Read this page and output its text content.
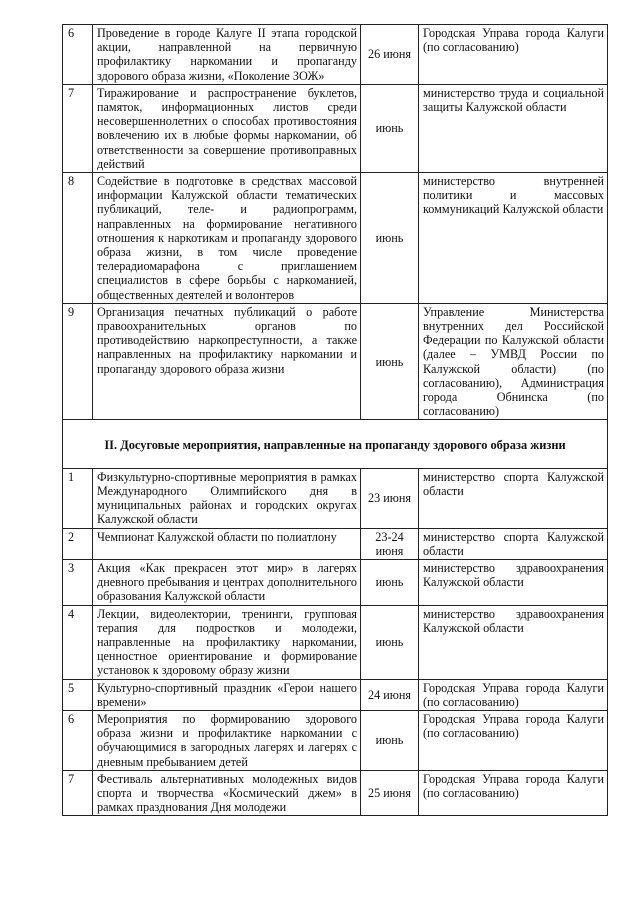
6	Проведение в городе Калуге II этапа городской акции, направленной на первичную профилактику наркомании и пропаганду здорового образа жизни, «Поколение ЗОЖ»	26 июня	Городская Управа города Калуги (по согласованию)
7	Тиражирование и распространение буклетов, памяток, информационных листов среди несовершеннолетних о способах противостояния вовлечению их в любые формы наркомании, об ответственности за совершение противоправных действий	июнь	министерство труда и социальной защиты Калужской области
8	Содействие в подготовке в средствах массовой информации Калужской области тематических публикаций, теле- и радиопрограмм, направленных на формирование негативного отношения к наркотикам и пропаганду здорового образа жизни, в том числе проведение телерадиомарафона с приглашением специалистов в сфере борьбы с наркоманией, общественных деятелей и волонтеров	июнь	министерство внутренней политики и массовых коммуникаций Калужской области
9	Организация печатных публикаций о работе правоохранительных органов по противодействию наркопреступности, а также направленных на профилактику наркомании и пропаганду здорового образа жизни	июнь	Управление Министерства внутренних дел Российской Федерации по Калужской области (далее – УМВД России по Калужской области) (по согласованию), Администрация города Обнинска (по согласованию)
II. Досуговые мероприятия, направленные на пропаганду здорового образа жизни			
1	Физкультурно-спортивные мероприятия в рамках Международного Олимпийского дня в муниципальных районах и городских округах Калужской области	23 июня	министерство спорта Калужской области
2	Чемпионат Калужской области по полиатлону	23-24 июня	министерство спорта Калужской области
3	Акция «Как прекрасен этот мир» в лагерях дневного пребывания и центрах дополнительного образования Калужской области	июнь	министерство здравоохранения Калужской области
4	Лекции, видеолектории, тренинги, групповая терапия для подростков и молодежи, направленные на профилактику наркомании, ценностное ориентирование и формирование установок к здоровому образу жизни	июнь	министерство здравоохранения Калужской области
5	Культурно-спортивный праздник «Герои нашего времени»	24 июня	Городская Управа города Калуги (по согласованию)
6	Мероприятия по формированию здорового образа жизни и профилактике наркомании с обучающимися в загородных лагерях и лагерях с дневным пребыванием детей	июнь	Городская Управа города Калуги (по согласованию)
7	Фестиваль альтернативных молодежных видов спорта и творчества «Космический джем» в рамках празднования Дня молодежи	25 июня	Городская Управа города Калуги (по согласованию)
